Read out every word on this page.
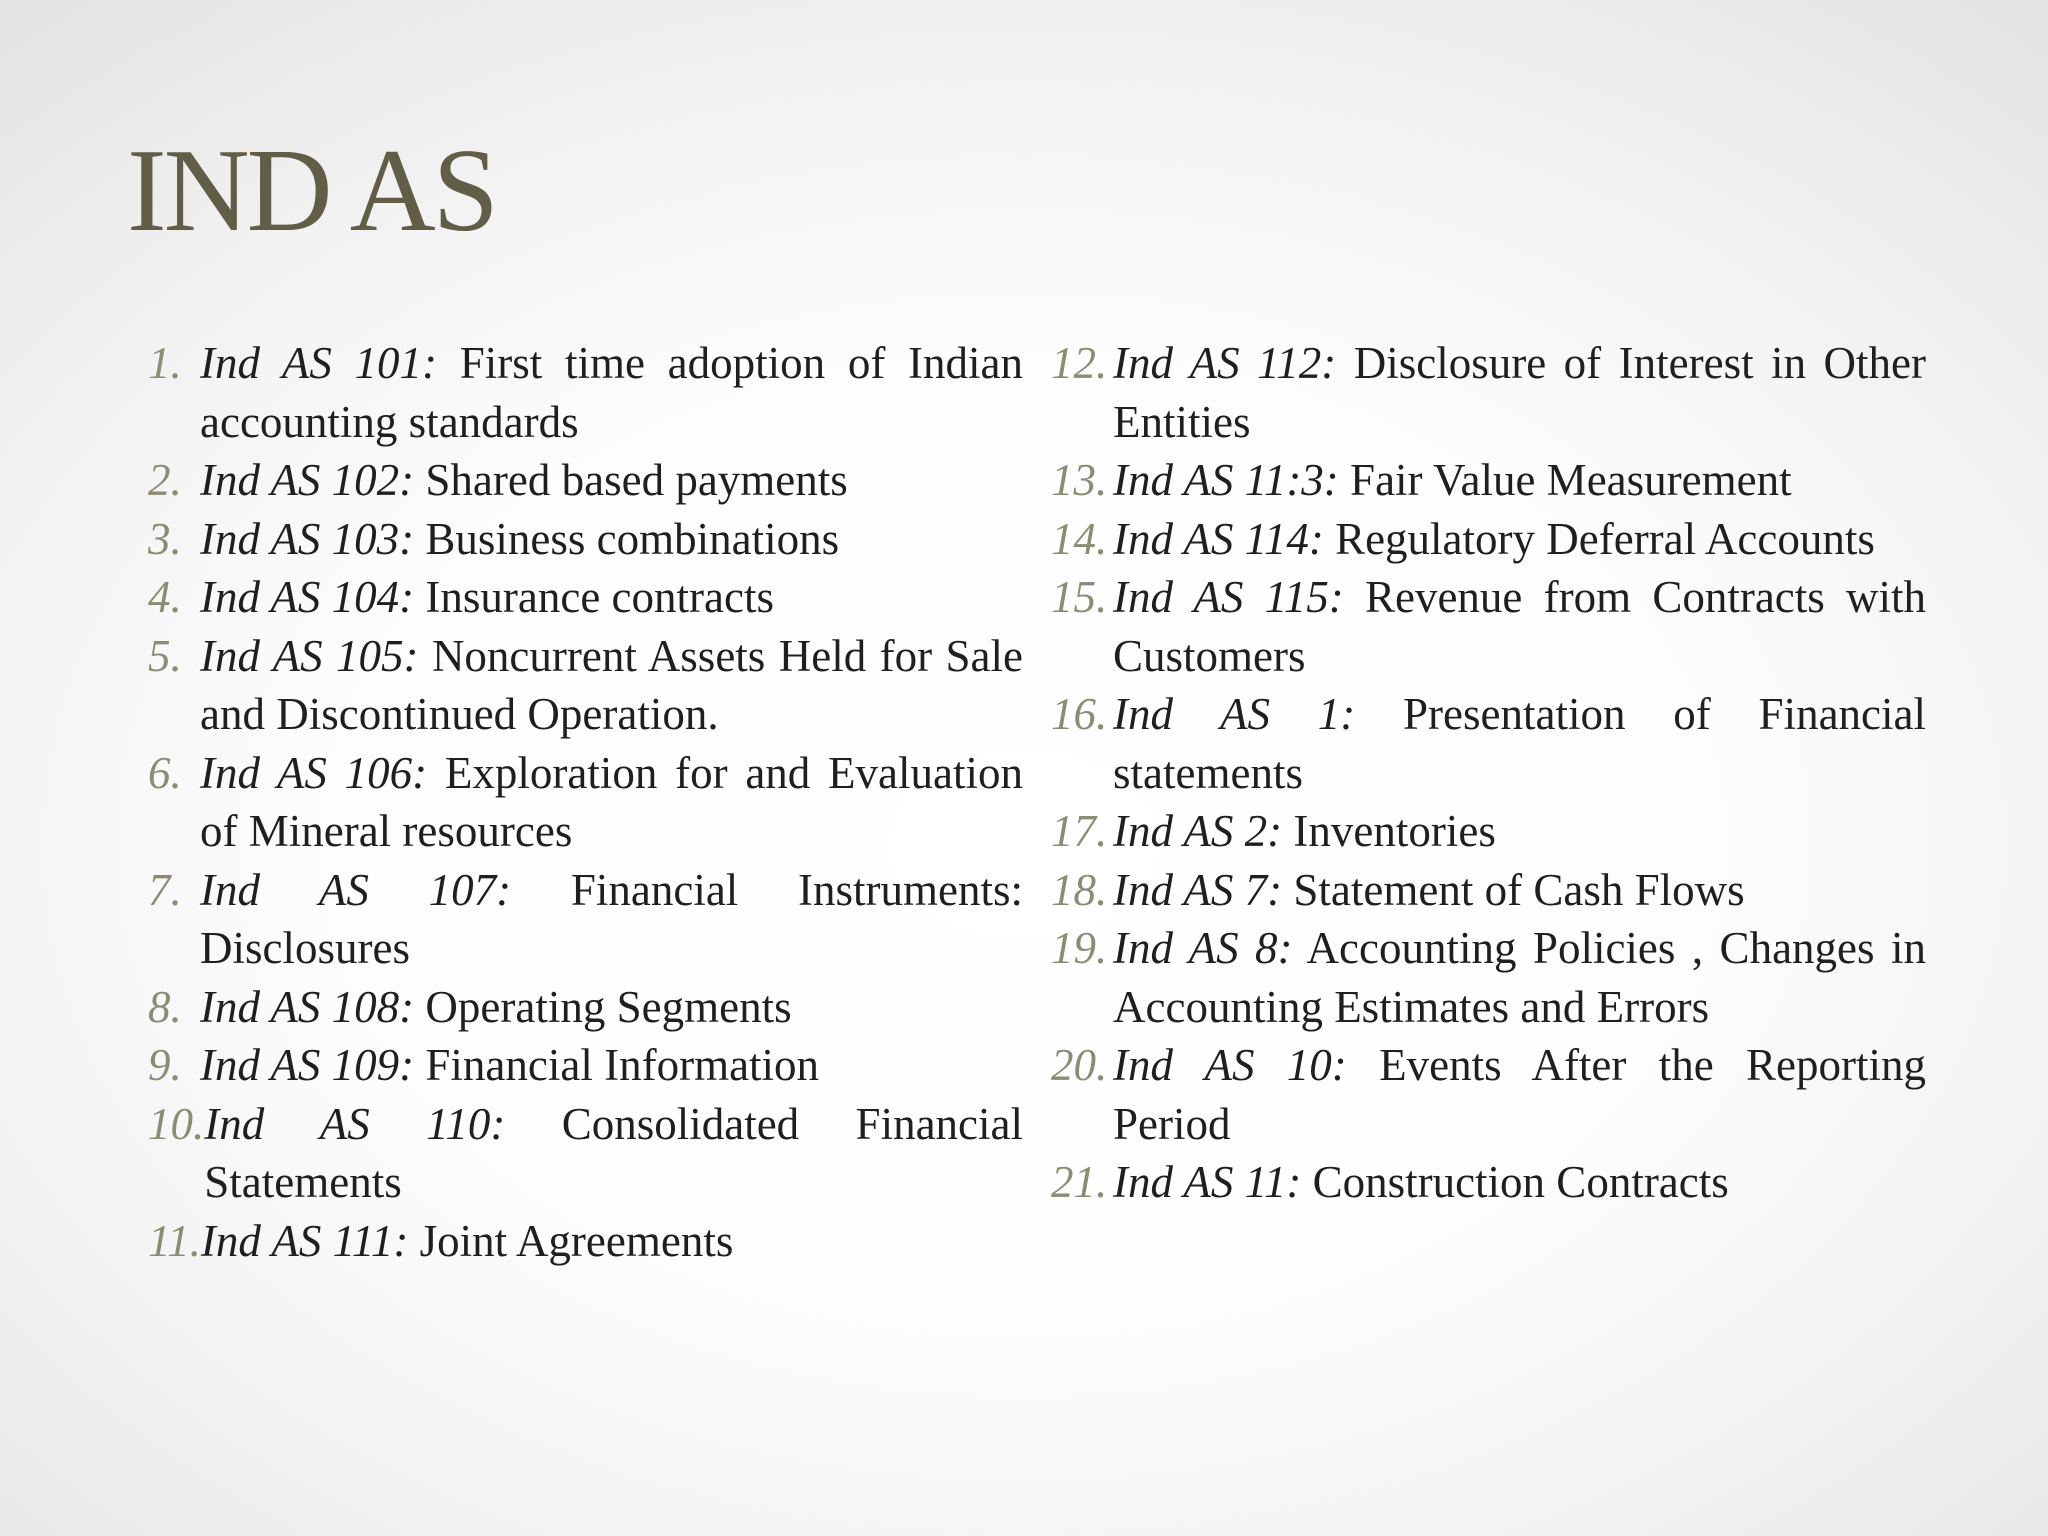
IND AS
1. Ind AS 101: First time adoption of Indian accounting standards
2. Ind AS 102: Shared based payments
3. Ind AS 103: Business combinations
4. Ind AS 104: Insurance contracts
5. Ind AS 105: Noncurrent Assets Held for Sale and Discontinued Operation.
6. Ind AS 106: Exploration for and Evaluation of Mineral resources
7. Ind AS 107: Financial Instruments: Disclosures
8. Ind AS 108: Operating Segments
9. Ind AS 109: Financial Information
10. Ind AS 110: Consolidated Financial Statements
11. Ind AS 111: Joint Agreements
12. Ind AS 112: Disclosure of Interest in Other Entities
13. Ind AS 11:3: Fair Value Measurement
14. Ind AS 114: Regulatory Deferral Accounts
15. Ind AS 115: Revenue from Contracts with Customers
16. Ind AS 1: Presentation of Financial statements
17. Ind AS 2: Inventories
18. Ind AS 7: Statement of Cash Flows
19. Ind AS 8: Accounting Policies , Changes in Accounting Estimates and Errors
20. Ind AS 10: Events After the Reporting Period
21. Ind AS 11: Construction Contracts
